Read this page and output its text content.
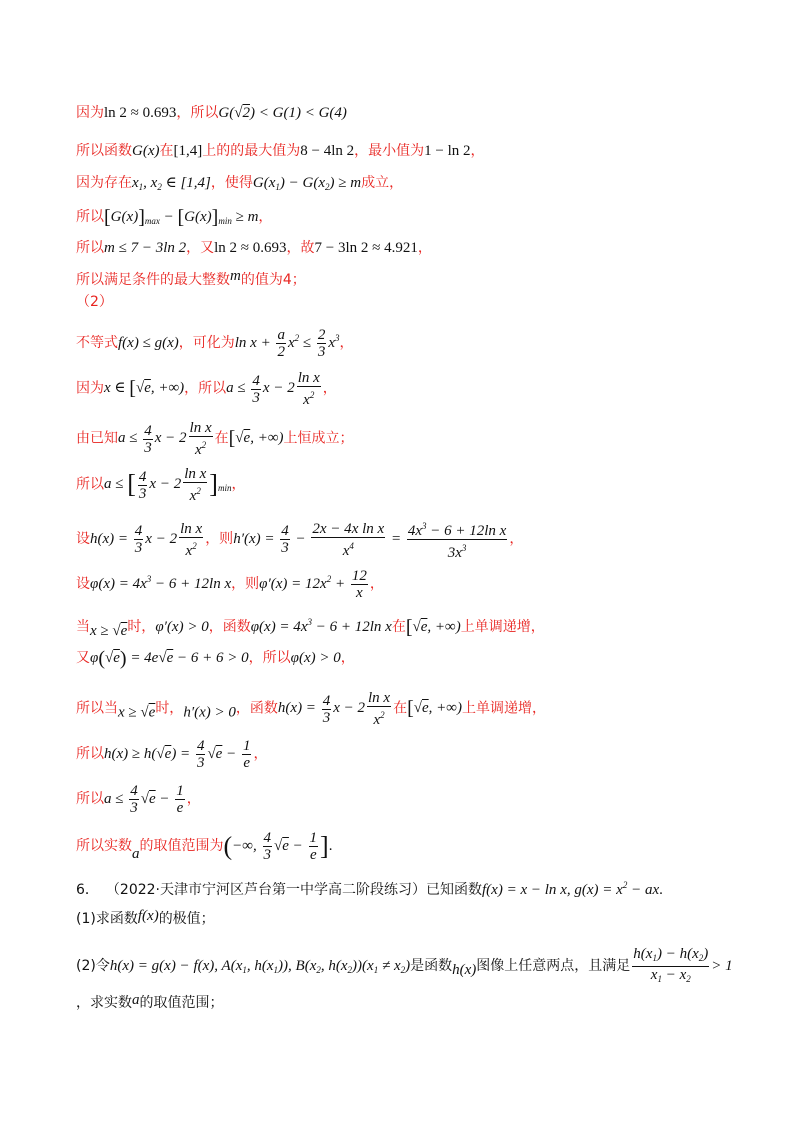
因为ln 2 ≈ 0.693，所以G(√2) < G(1) < G(4)
所以函数G(x)在[1,4]上的的最大值为8 − 4ln 2，最小值为1 − ln 2，
因为存在$x_1$, $x_2$ ∈ [1,4]，使得$G(x_1) - G(x_2) \ge m$成立，
所以$[G(x)]_{max} - [G(x)]_{min} \ge m$，
所以m ≤ 7 − 3ln 2，又ln 2 ≈ 0.693，故7 − 3ln 2 ≈ 4.921，
所以满足条件的最大整数m的值为4；
（2）
不等式f(x) ≤ g(x)，可化为$\ln x + \frac{a}{2} x^2 \le \frac{2}{3} x^3$，
因为x ∈ [√e, +∞)，所以$a \le \frac{4}{3}$ $x - 2 \frac{\text{ln x}}{x^2}$ ，
由已知$a \le \frac{4}{3}$ $x - 2 \frac{\text{ln x}}{x^2}$ 在[√e, +∞)上恒成立；
所以a ≤ [ $\frac{4}{3}$ $x - 2 \frac{\text{ln x}}{x^2} ]_{min}$，
设$h(x) = \frac{4}{3}$ $x - 2 \frac{\text{ln x}}{x^2}$ ，则$h'(x) = \frac{4}{3} - \frac{\text{2x − 4x ln x}}{x^4} = \frac{4x^3 - 6 + 12\ln x}{3x^3}$ ，
设$\varphi(x) = 4x^3 - 6 + 12\ln$ x，则$\varphi'(x) = 12x^2 + \frac{12}{x}$ ，
当x ≥ √e时，φ′(x) > 0，函数$\varphi(x) = 4x^3 - 6 + 12\ln$ x在[√e, +∞)上单调递增，
又φ(√e) = 4e√e − 6 + 6 > 0，所以φ(x) > 0，
所以当x ≥ √e时，h′(x) > 0，函数$h(x) = \frac{4}{3}$ $x - 2 \frac{\text{ln x}}{x^2}$ 在[√e, +∞)上单调递增，
所以$h(x) \ge h(√e) = \frac{4}{3} √e - \frac{1}{e}$ ，
所以$a \le \frac{4}{3} √e - \frac{1}{e}$ ，
所以实数a的取值范围为(−∞, $\frac{4}{3} √e - \frac{1}{e}$ ].
6． （2022·天津市宁河区芦台第一中学高二阶段练习）已知函数f(x) = x − ln x, $g(x) = x^2$ − ax.
(1)求函数f(x)的极值；
(2)令h(x) = g(x) − f(x), $A(x_1$, $h(x_1)$), $B(x_2$, $h(x_2))(x_1 \ne x_2)$是函数h(x)图像上任意两点，且满足 $\frac{h(x_1) - h(x_2)}{x_1 - x_2} > 1$
，求实数a的取值范围；
